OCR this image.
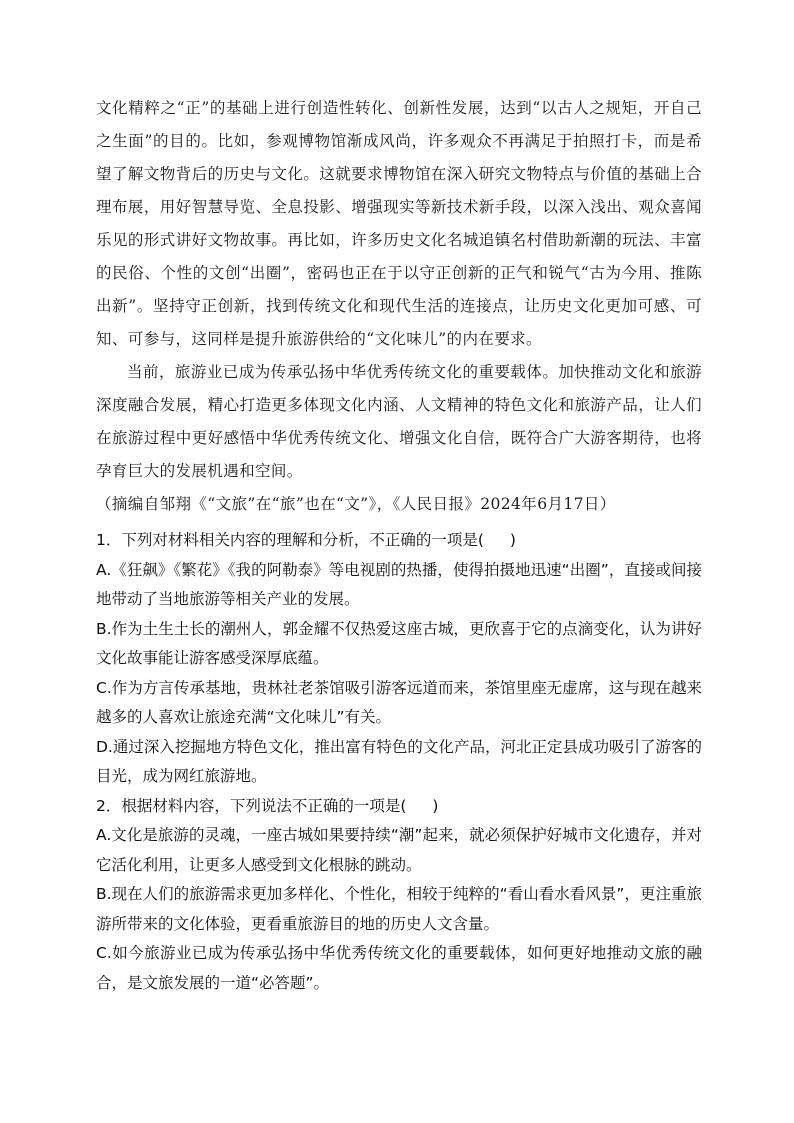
文化精粹之“正”的基础上进行创造性转化、创新性发展，达到“以古人之规矩，开自己之生面”的目的。比如，参观博物馆渐成风尚，许多观众不再满足于拍照打卡，而是希望了解文物背后的历史与文化。这就要求博物馆在深入研究文物特点与价值的基础上合理布展，用好智慧导览、全息投影、增强现实等新技术新手段，以深入浅出、观众喜闻乐见的形式讲好文物故事。再比如，许多历史文化名城追镇名村借助新潮的玩法、丰富的民俗、个性的文创“出圈”，密码也正在于以守正创新的正气和锐气“古为今用、推陈出新”。坚持守正创新，找到传统文化和现代生活的连接点，让历史文化更加可感、可知、可参与，这同样是提升旅游供给的“文化味儿”的内在要求。

当前，旅游业已成为传承弘扬中华优秀传统文化的重要载体。加快推动文化和旅游深度融合发展，精心打造更多体现文化内涵、人文精神的特色文化和旅游产品，让人们在旅游过程中更好感悟中华优秀传统文化、增强文化自信，既符合广大游客期待，也将孕育巨大的发展机遇和空间。

（摘编自邹翔《“文旅”在“旅”也在“文”》，《人民日报》2024年6月17日）

1．下列对材料相关内容的理解和分析，不正确的一项是( )

A.《狂飙》《繁花》《我的阿勒泰》等电视剧的热播，使得拍摄地迅速“出圈”，直接或间接地带动了当地旅游等相关产业的发展。

B.作为土生土长的潮州人，郭金耀不仅热爱这座古城，更欣喜于它的点滴变化，认为讲好文化故事能让游客感受深厚底蕴。

C.作为方言传承基地，贵林社老茶馆吸引游客远道而来，茶馆里座无虚席，这与现在越来越多的人喜欢让旅途充满“文化味儿”有关。

D.通过深入挖掘地方特色文化，推出富有特色的文化产品，河北正定县成功吸引了游客的目光，成为网红旅游地。

2．根据材料内容，下列说法不正确的一项是( )

A.文化是旅游的灵魂，一座古城如果要持续“潮”起来，就必须保护好城市文化遗存，并对它活化利用，让更多人感受到文化根脉的跳动。

B.现在人们的旅游需求更加多样化、个性化，相较于纯粹的“看山看水看风景”，更注重旅游所带来的文化体验，更看重旅游目的地的历史人文含量。

C.如今旅游业已成为传承弘扬中华优秀传统文化的重要载体，如何更好地推动文旅的融合，是文旅发展的一道“必答题”。
